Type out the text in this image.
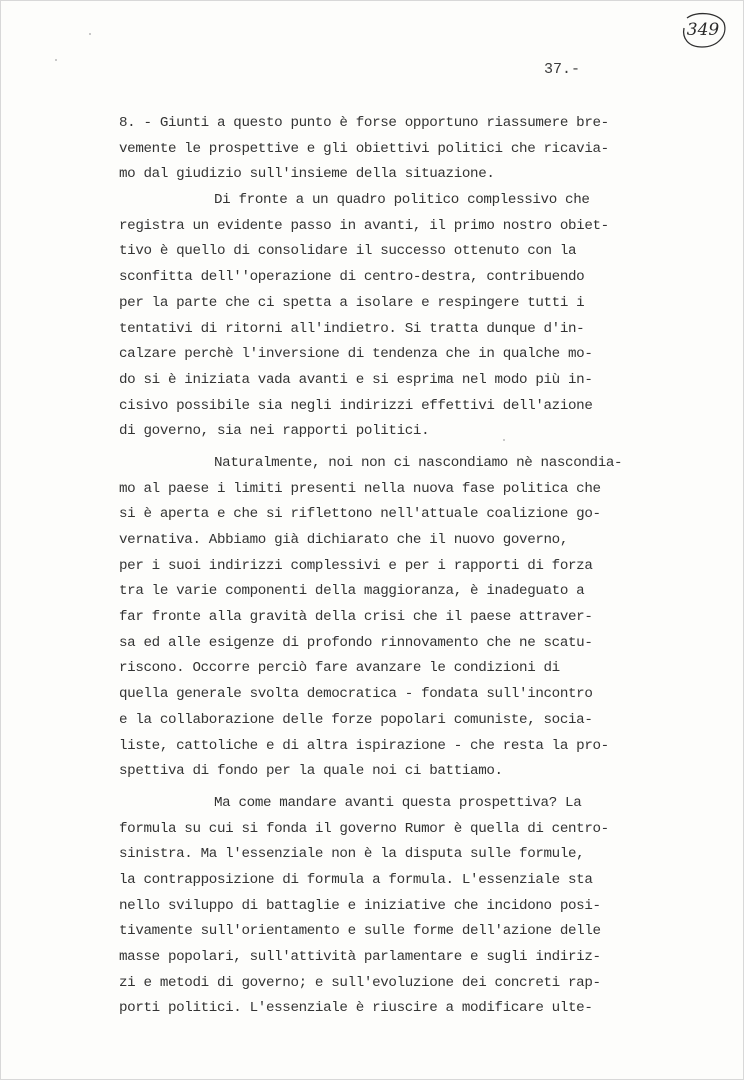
349
37.-
8. - Giunti a questo punto è forse opportuno riassumere bre-
vemente le prospettive e gli obiettivi politici che ricavia-
mo dal giudizio sull'insieme della situazione.
Di fronte a un quadro politico complessivo che
registra un evidente passo in avanti, il primo nostro obiet-
tivo è quello di consolidare il successo ottenuto con la
sconfitta dell''operazione di centro-destra, contribuendo
per la parte che ci spetta a isolare e respingere tutti i
tentativi di ritorni all'indietro. Si tratta dunque d'in-
calzare perchè l'inversione di tendenza che in qualche mo-
do si è iniziata vada avanti e si esprima nel modo più in-
cisivo possibile sia negli indirizzi effettivi dell'azione
di governo, sia nei rapporti politici.
Naturalmente, noi non ci nascondiamo nè nascondia-
mo al paese i limiti presenti nella nuova fase politica che
si è aperta e che si riflettono nell'attuale coalizione go-
vernativa. Abbiamo già dichiarato che il nuovo governo,
per i suoi indirizzi complessivi e per i rapporti di forza
tra le varie componenti della maggioranza, è inadeguato a
far fronte alla gravità della crisi che il paese attraver-
sa ed alle esigenze di profondo rinnovamento che ne scatu-
riscono. Occorre perciò fare avanzare le condizioni di
quella generale svolta democratica - fondata sull'incontro
e la collaborazione delle forze popolari comuniste, socia-
liste, cattoliche e di altra ispirazione - che resta la pro-
spettiva di fondo per la quale noi ci battiamo.
Ma come mandare avanti questa prospettiva? La
formula su cui si fonda il governo Rumor è quella di centro-
sinistra. Ma l'essenziale non è la disputa sulle formule,
la contrapposizione di formula a formula. L'essenziale sta
nello sviluppo di battaglie e iniziative che incidono posi-
tivamente sull'orientamento e sulle forme dell'azione delle
masse popolari, sull'attività parlamentare e sugli indiriz-
zi e metodi di governo; e sull'evoluzione dei concreti rap-
porti politici. L'essenziale è riuscire a modificare ulte-
